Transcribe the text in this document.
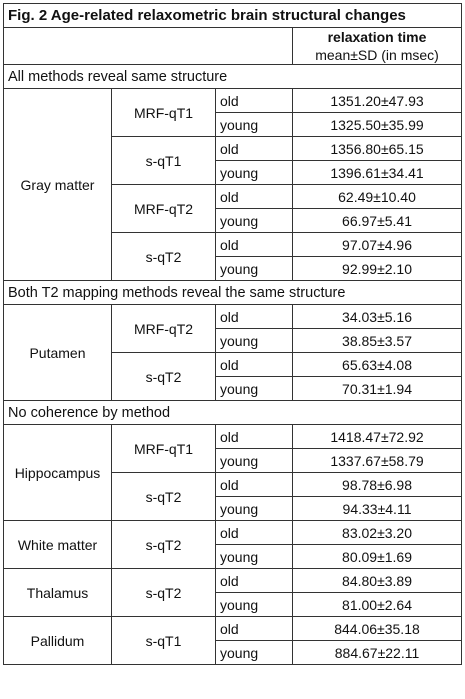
Fig. 2 Age-related relaxometric brain structural changes			

			relaxation time
mean±SD (in msec)

All methods reveal same structure			
Gray matter	MRF-qT1	old	1351.20±47.93
		young	1325.50±35.99
	s-qT1	old	1356.80±65.15
		young	1396.61±34.41
	MRF-qT2	old	62.49±10.40
		young	66.97±5.41
	s-qT2	old	97.07±4.96
		young	92.99±2.10
Both T2 mapping methods reveal the same structure			
Putamen	MRF-qT2	old	34.03±5.16
		young	38.85±3.57
	s-qT2	old	65.63±4.08
		young	70.31±1.94
No coherence by method			
Hippocampus	MRF-qT1	old	1418.47±72.92
		young	1337.67±58.79
	s-qT2	old	98.78±6.98
		young	94.33±4.11
White matter	s-qT2	old	83.02±3.20
		young	80.09±1.69
Thalamus	s-qT2	old	84.80±3.89
		young	81.00±2.64
Pallidum	s-qT1	old	844.06±35.18
		young	884.67±22.11
